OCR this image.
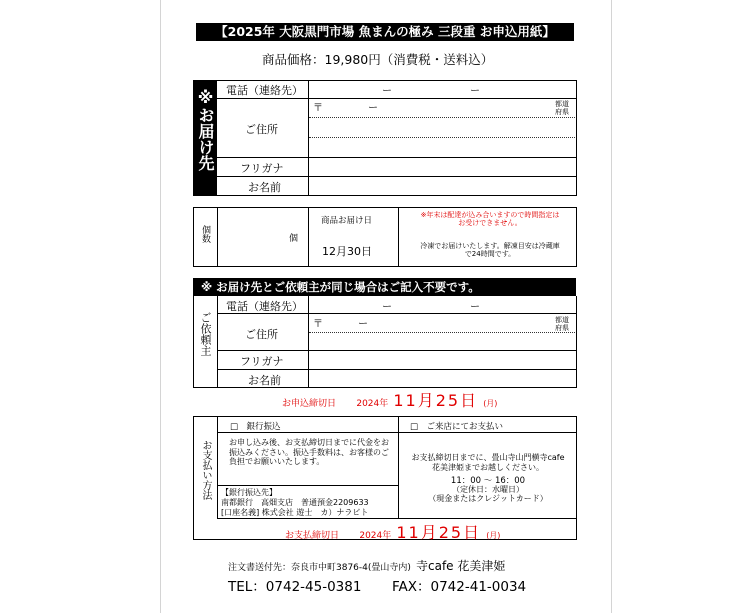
【2025年 大阪黒門市場 魚まんの極み 三段重 お申込用紙】
商品価格：19,980円（消費税・送料込）
※お届け先 電話（連絡先）	ー	ー
ご住所
〒	ー	都道
府県
フリガナ
お名前
個数	個
商品お届け日
12月30日
※年末は配達が込み合いますので時間指定はお受けできません。
冷凍でお届けいたします。解凍目安は冷蔵庫で24時間です。
※ お届け先とご依頼主が同じ場合はご記入不要です。
ご依頼主
電話（連絡先）	ー	ー
ご住所
〒	ー	都道
府県
フリガナ
お名前
お申込締切日 2024年 11月25日 (月)
お支払い方法
□　銀行振込	□　ご来店にてお支払い
お申し込み後、お支払締切日までに代金をお振込みください。振込手数料は、お客様のご負担でお願いいたします。
【銀行振込先】
南都銀行　高畑支店　普通預金2209633
[口座名義] 株式会社 遊士　カ）ナラビト
お支払締切日までに、畳山寺山門横寺cafe花美津姫までお越しください。
11：00 ～ 16：00
（定休日：水曜日）
（現金またはクレジットカード）
お支払締切日 2024年 11月25日 (月)
注文書送付先：奈良市中町3876-4(畳山寺内) 寺cafe 花美津姫
TEL：0742-45-0381 FAX：0742-41-0034
